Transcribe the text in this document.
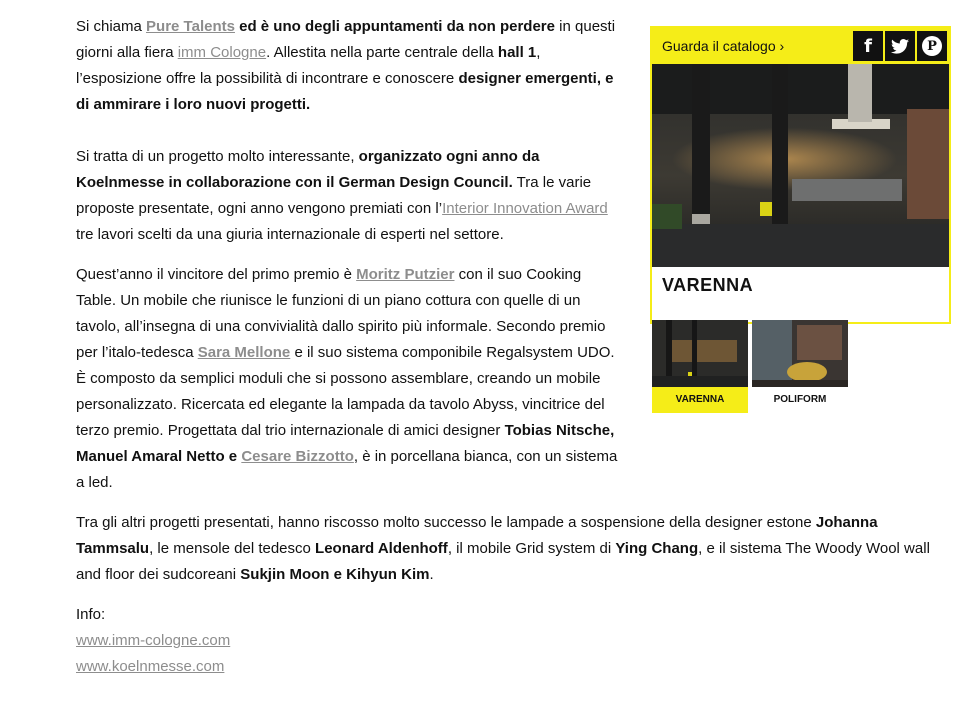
Si chiama Pure Talents ed è uno degli appuntamenti da non perdere in questi giorni alla fiera imm Cologne. Allestita nella parte centrale della hall 1, l’esposizione offre la possibilità di incontrare e conoscere designer emergenti, e di ammirare i loro nuovi progetti.

Si tratta di un progetto molto interessante, organizzato ogni anno da Koelnmesse in collaborazione con il German Design Council. Tra le varie proposte presentate, ogni anno vengono premiati con l’Interior Innovation Award tre lavori scelti da una giuria internazionale di esperti nel settore.

Quest’anno il vincitore del primo premio è Moritz Putzier con il suo Cooking Table. Un mobile che riunisce le funzioni di un piano cottura con quelle di un tavolo, all’insegna di una convivialità dallo spirito più informale. Secondo premio per l’italo-tedesca Sara Mellone e il suo sistema componibile Regalsystem UDO. È composto da semplici moduli che si possono assemblare, creando un mobile personalizzato. Ricercata ed elegante la lampada da tavolo Abyss, vincitrice del terzo premio. Progettata dal trio internazionale di amici designer Tobias Nitsche, Manuel Amaral Netto e Cesare Bizzotto, è in porcellana bianca, con un sistema a led.

Tra gli altri progetti presentati, hanno riscosso molto successo le lampade a sospensione della designer estone Johanna Tammsalu, le mensole del tedesco Leonard Aldenhoff, il mobile Grid system di Ying Chang, e il sistema The Woody Wool wall and floor dei sudcoreani Sukjin Moon e Kihyun Kim.

Info:
www.imm-cologne.com
www.koelnmesse.com

Guarda il catalogo ›	f	P
VARENNA
VARENNA	POLIFORM
